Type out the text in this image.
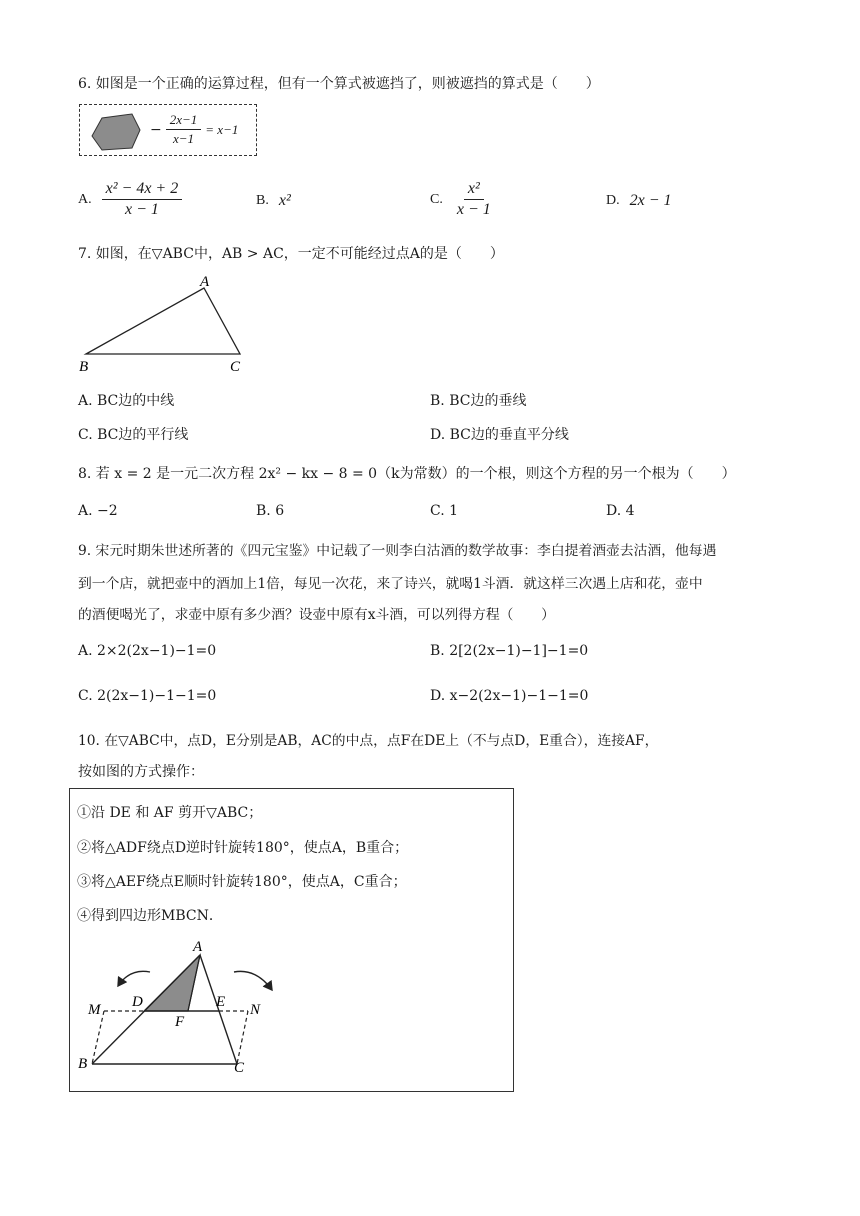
6. 如图是一个正确的运算过程，但有一个算式被遮挡了，则被遮挡的算式是（　　）
− $\frac{2x-1}{x-1} = x-1$
A. $\frac{\text{x² − 4x + 2}}{x - 1}$	B. x²	C. $\frac{\text{x²}}{x - 1}$	D. 2x − 1
7. 如图，在▽ABC中，AB > AC，一定不可能经过点A的是（　　）
A
B	C
A. BC边的中线	B. BC边的垂线
C. BC边的平行线	D. BC边的垂直平分线
8. 若 x = 2 是一元二次方程 2x² − kx − 8 = 0（k为常数）的一个根，则这个方程的另一个根为（　　）
A. −2	B. 6	C. 1	D. 4
9. 宋元时期朱世述所著的《四元宝鉴》中记载了一则李白沽酒的数学故事：李白提着酒壶去沽酒，他每遇
到一个店，就把壶中的酒加上1倍，每见一次花，来了诗兴，就喝1斗酒．就这样三次遇上店和花，壶中
的酒便喝光了，求壶中原有多少酒？设壶中原有x斗酒，可以列得方程（　　）
A. 2×2(2x−1)−1=0	B. 2[2(2x−1)−1]−1=0
C. 2(2x−1)−1−1=0	D. x−2(2x−1)−1−1=0
10. 在▽ABC中，点D，E分别是AB，AC的中点，点F在DE上（不与点D，E重合），连接AF，
按如图的方式操作：
①沿 DE 和 AF 剪开▽ABC；
②将△ADF绕点D逆时针旋转180°，使点A，B重合；
③将△AEF绕点E顺时针旋转180°，使点A，C重合；
④得到四边形MBCN．
A
D	E
F
M	N
B	C
